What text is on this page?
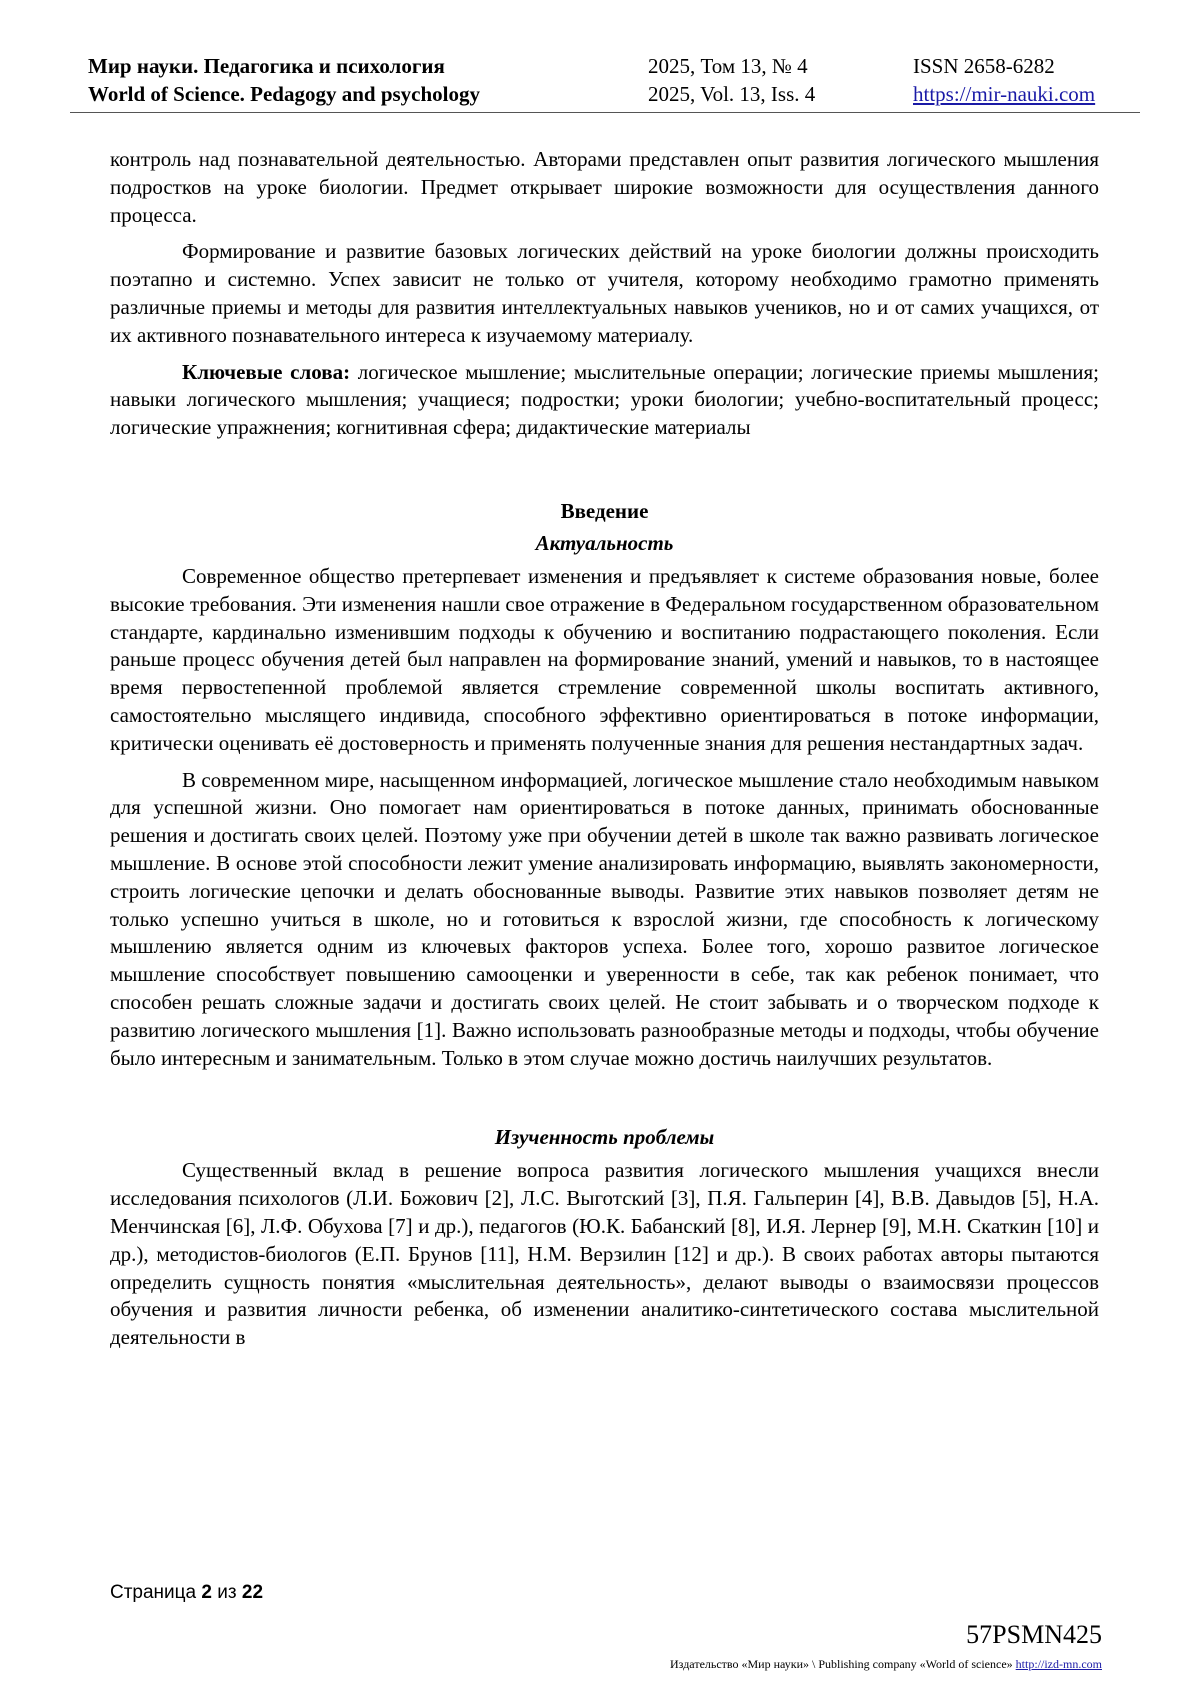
Мир науки. Педагогика и психология
World of Science. Pedagogy and psychology
2025, Том 13, № 4
2025, Vol. 13, Iss. 4
ISSN 2658-6282
https://mir-nauki.com

контроль над познавательной деятельностью. Авторами представлен опыт развития логического мышления подростков на уроке биологии. Предмет открывает широкие возможности для осуществления данного процесса.

Формирование и развитие базовых логических действий на уроке биологии должны происходить поэтапно и системно. Успех зависит не только от учителя, которому необходимо грамотно применять различные приемы и методы для развития интеллектуальных навыков учеников, но и от самих учащихся, от их активного познавательного интереса к изучаемому материалу.

Ключевые слова: логическое мышление; мыслительные операции; логические приемы мышления; навыки логического мышления; учащиеся; подростки; уроки биологии; учебно-воспитательный процесс; логические упражнения; когнитивная сфера; дидактические материалы

Введение
Актуальность

Современное общество претерпевает изменения и предъявляет к системе образования новые, более высокие требования. Эти изменения нашли свое отражение в Федеральном государственном образовательном стандарте, кардинально изменившим подходы к обучению и воспитанию подрастающего поколения. Если раньше процесс обучения детей был направлен на формирование знаний, умений и навыков, то в настоящее время первостепенной проблемой является стремление современной школы воспитать активного, самостоятельно мыслящего индивида, способного эффективно ориентироваться в потоке информации, критически оценивать её достоверность и применять полученные знания для решения нестандартных задач.

В современном мире, насыщенном информацией, логическое мышление стало необходимым навыком для успешной жизни. Оно помогает нам ориентироваться в потоке данных, принимать обоснованные решения и достигать своих целей. Поэтому уже при обучении детей в школе так важно развивать логическое мышление. В основе этой способности лежит умение анализировать информацию, выявлять закономерности, строить логические цепочки и делать обоснованные выводы. Развитие этих навыков позволяет детям не только успешно учиться в школе, но и готовиться к взрослой жизни, где способность к логическому мышлению является одним из ключевых факторов успеха. Более того, хорошо развитое логическое мышление способствует повышению самооценки и уверенности в себе, так как ребенок понимает, что способен решать сложные задачи и достигать своих целей. Не стоит забывать и о творческом подходе к развитию логического мышления [1]. Важно использовать разнообразные методы и подходы, чтобы обучение было интересным и занимательным. Только в этом случае можно достичь наилучших результатов.

Изученность проблемы

Существенный вклад в решение вопроса развития логического мышления учащихся внесли исследования психологов (Л.И. Божович [2], Л.С. Выготский [3], П.Я. Гальперин [4], В.В. Давыдов [5], Н.А. Менчинская [6], Л.Ф. Обухова [7] и др.), педагогов (Ю.К. Бабанский [8], И.Я. Лернер [9], М.Н. Скаткин [10] и др.), методистов-биологов (Е.П. Брунов [11], Н.М. Верзилин [12] и др.). В своих работах авторы пытаются определить сущность понятия «мыслительная деятельность», делают выводы о взаимосвязи процессов обучения и развития личности ребенка, об изменении аналитико-синтетического состава мыслительной деятельности в

Страница 2 из 22
57PSMN425
Издательство «Мир науки» \ Publishing company «World of science» http://izd-mn.com
